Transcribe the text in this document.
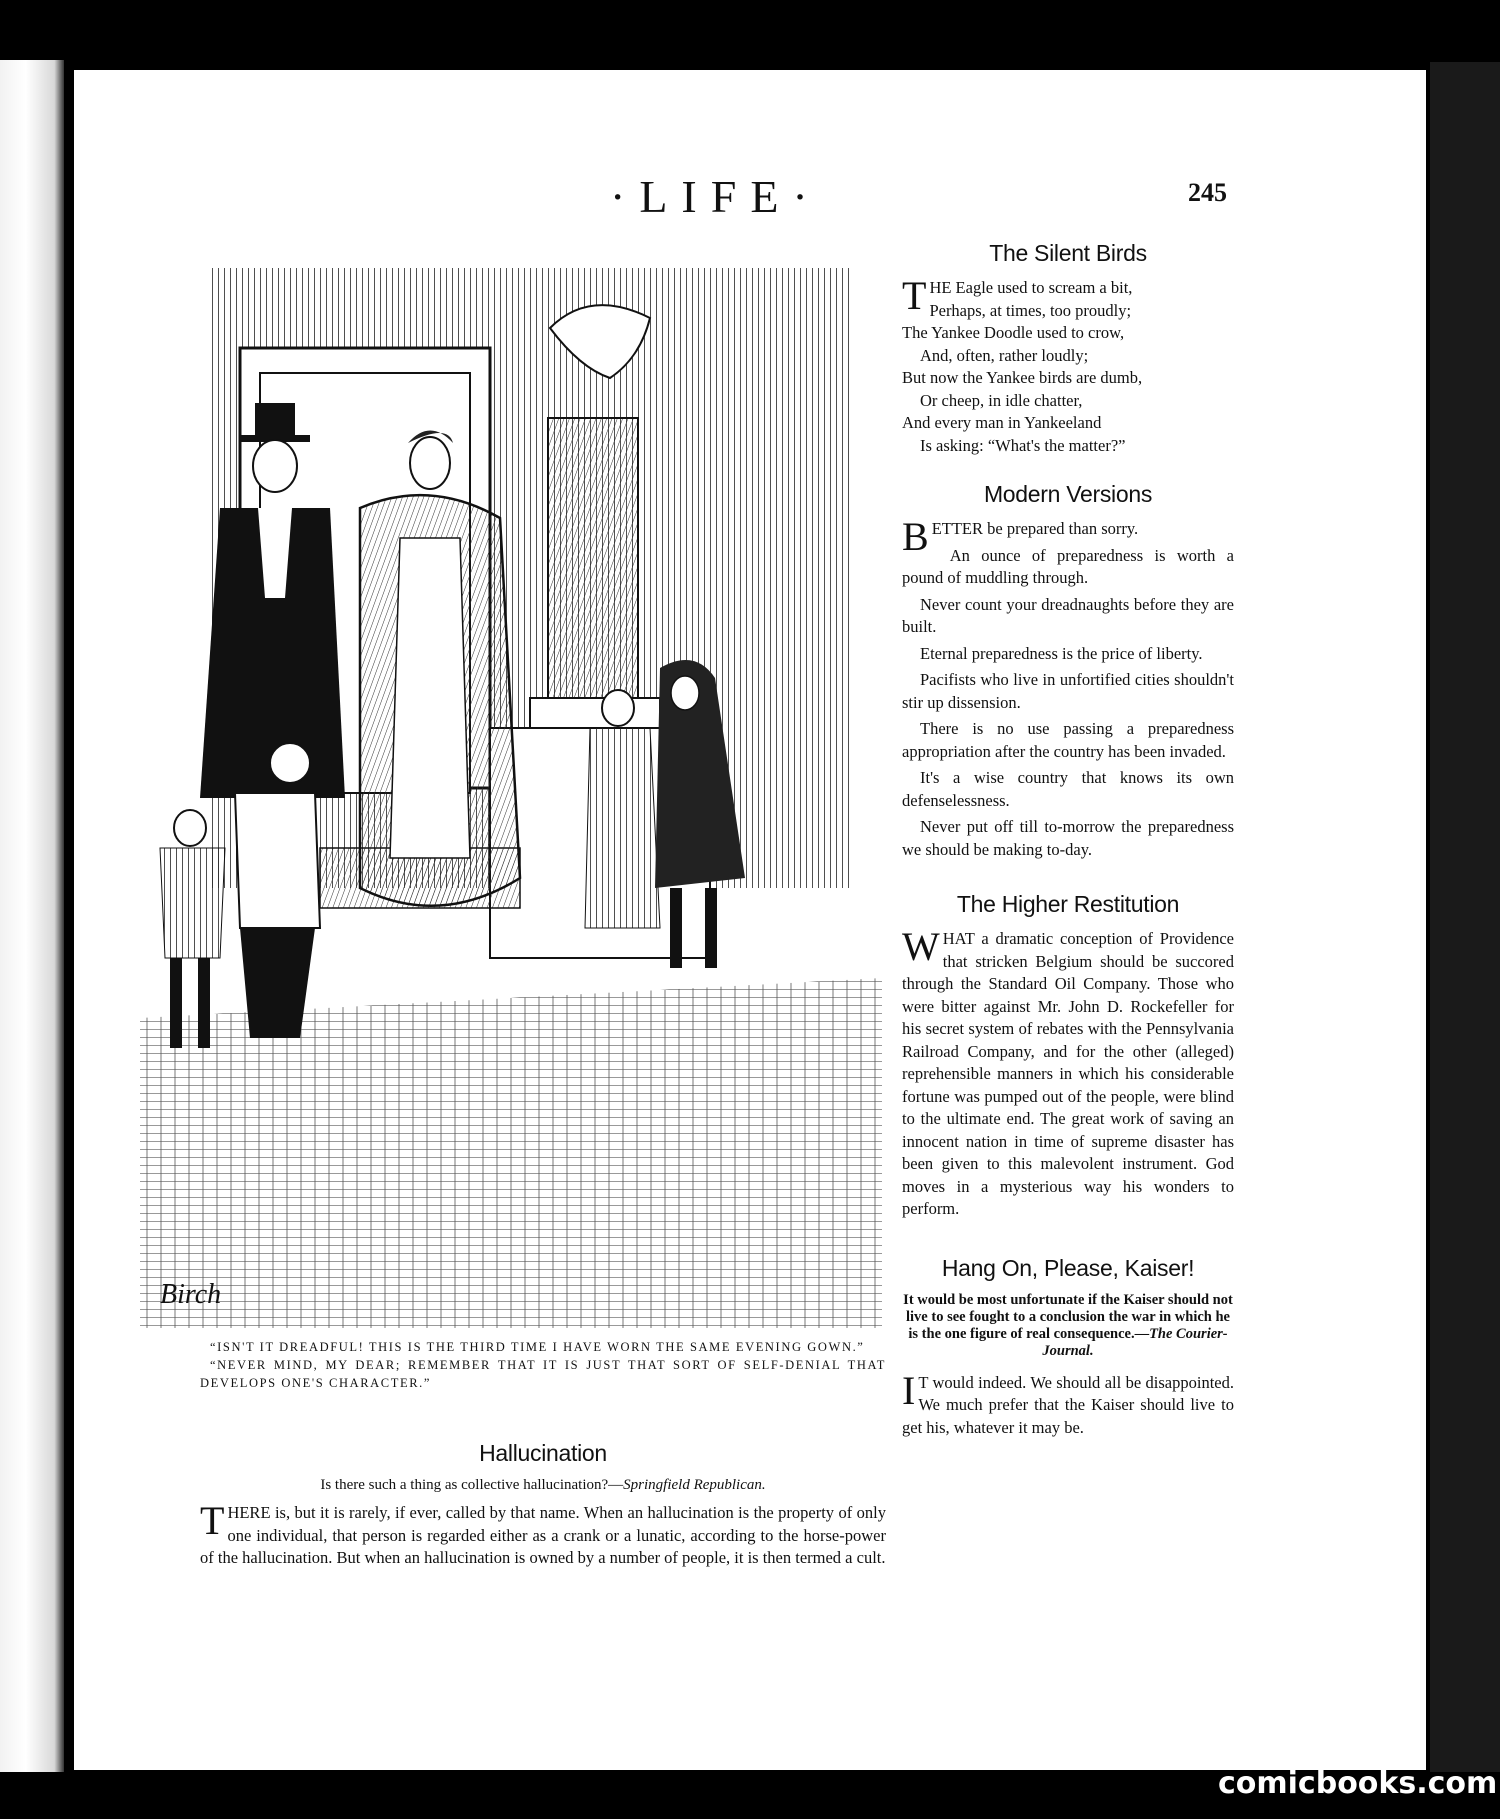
·LIFE·	245
Birch

“ISN'T IT DREADFUL! THIS IS THE THIRD TIME I HAVE WORN THE SAME EVENING GOWN.”

“NEVER MIND, MY DEAR; REMEMBER THAT IT IS JUST THAT SORT OF SELF-DENIAL THAT DEVELOPS ONE'S CHARACTER.”

Hallucination
Is there such a thing as collective hallucination?—Springfield Republican.

THERE is, but it is rarely, if ever, called by that name. When an hallucination is the property of only one individual, that person is regarded either as a crank or a lunatic, according to the horse-power of the hallucination. But when an hallucination is owned by a number of people, it is then termed a cult.

The Silent Birds
T HE Eagle used to scream a bit,
Perhaps, at times, too proudly;
The Yankee Doodle used to crow,
And, often, rather loudly;
But now the Yankee birds are dumb,
Or cheep, in idle chatter,
And every man in Yankeeland
Is asking: “What's the matter?”
Modern Versions

BETTER be prepared than sorry.

An ounce of preparedness is worth a pound of muddling through.

Never count your dreadnaughts before they are built.

Eternal preparedness is the price of liberty.

Pacifists who live in unfortified cities shouldn't stir up dissension.

There is no use passing a preparedness appropriation after the country has been invaded.

It's a wise country that knows its own defenselessness.

Never put off till to-morrow the preparedness we should be making to-day.

The Higher Restitution

WHAT a dramatic conception of Providence that stricken Belgium should be succored through the Standard Oil Company. Those who were bitter against Mr. John D. Rockefeller for his secret system of rebates with the Pennsylvania Railroad Company, and for the other (alleged) reprehensible manners in which his considerable fortune was pumped out of the people, were blind to the ultimate end. The great work of saving an innocent nation in time of supreme disaster has been given to this malevolent instrument. God moves in a mysterious way his wonders to perform.

Hang On, Please, Kaiser!
It would be most unfortunate if the Kaiser should not live to see fought to a conclusion the war in which he is the one figure of real consequence.—The Courier-Journal.

I T would indeed. We should all be disappointed. We much prefer that the Kaiser should live to get his, whatever it may be.

comicbooks.com
